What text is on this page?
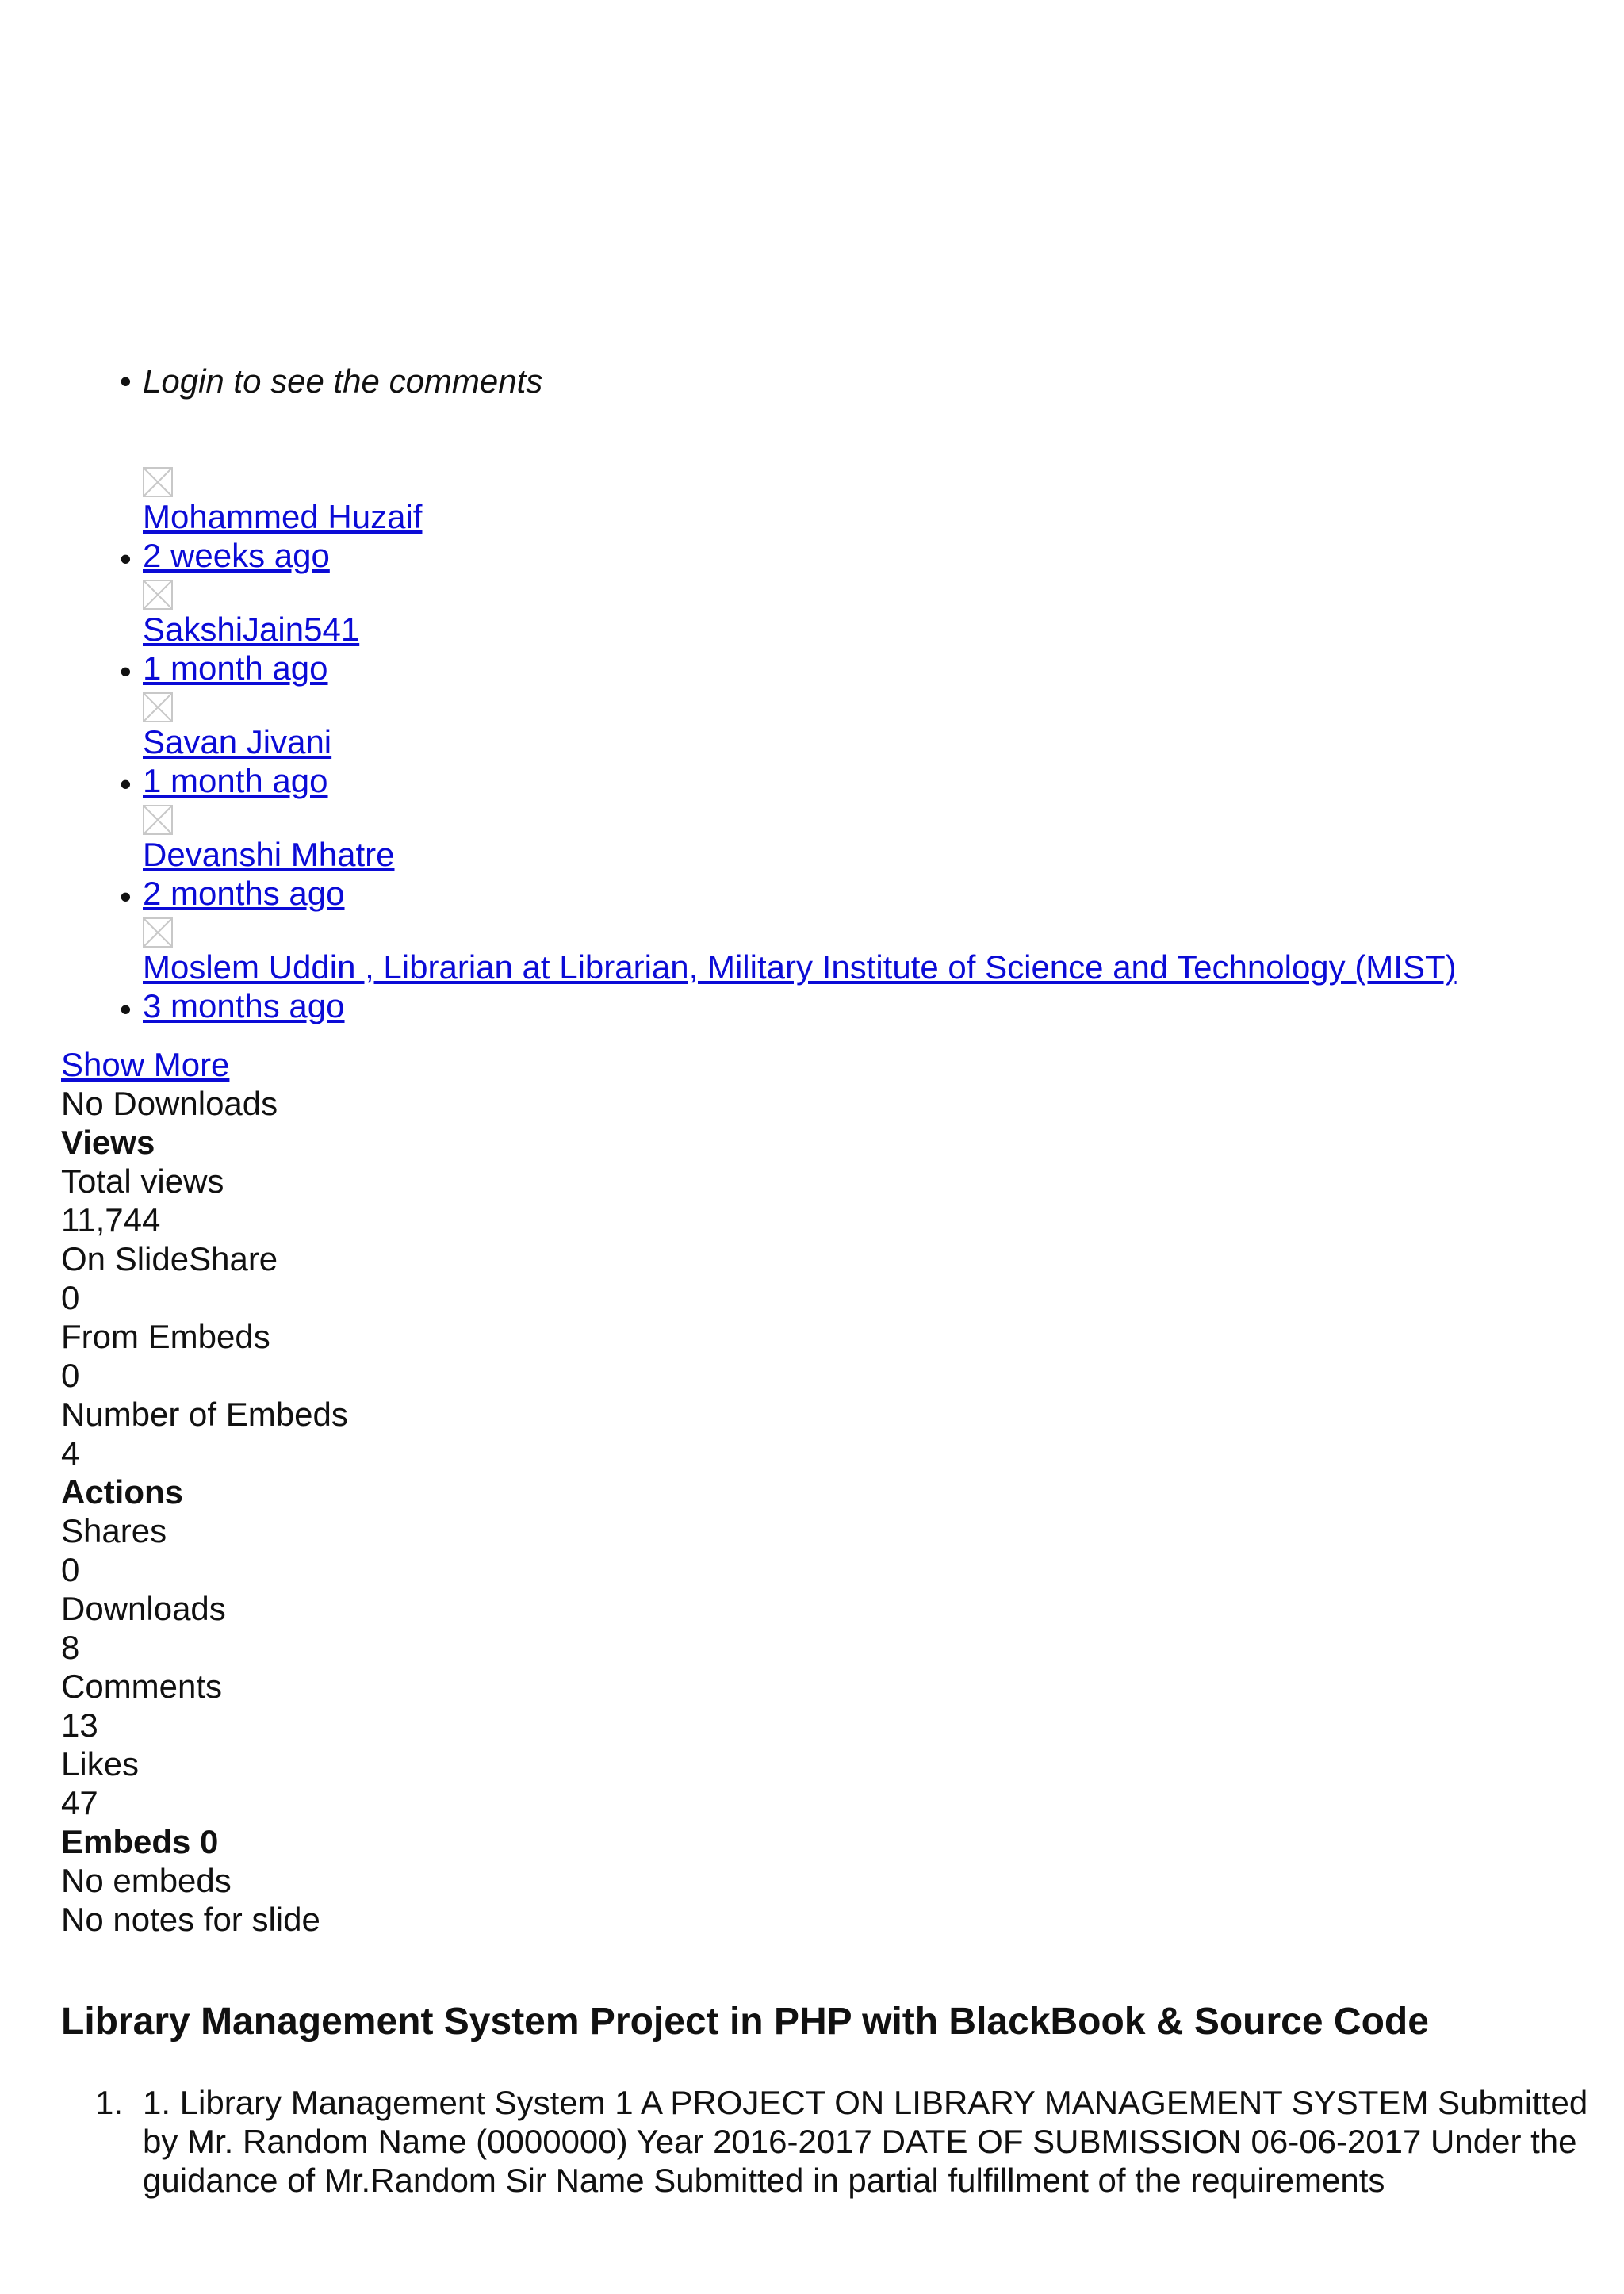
• Login to see the comments
Mohammed Huzaif
• 2 weeks ago
SakshiJain541
• 1 month ago
Savan Jivani
• 1 month ago
Devanshi Mhatre
• 2 months ago
Moslem Uddin , Librarian at Librarian, Military Institute of Science and Technology (MIST)
• 3 months ago
Show More
No Downloads
Views
Total views
11,744
On SlideShare
0
From Embeds
0
Number of Embeds
4
Actions
Shares
0
Downloads
8
Comments
13
Likes
47
Embeds 0
No embeds
No notes for slide
Library Management System Project in PHP with BlackBook & Source Code
1. 1. Library Management System 1 A PROJECT ON LIBRARY MANAGEMENT SYSTEM Submitted by Mr. Random Name (0000000) Year 2016-2017 DATE OF SUBMISSION 06-06-2017 Under the guidance of Mr.Random Sir Name Submitted in partial fulfillment of the requirements
